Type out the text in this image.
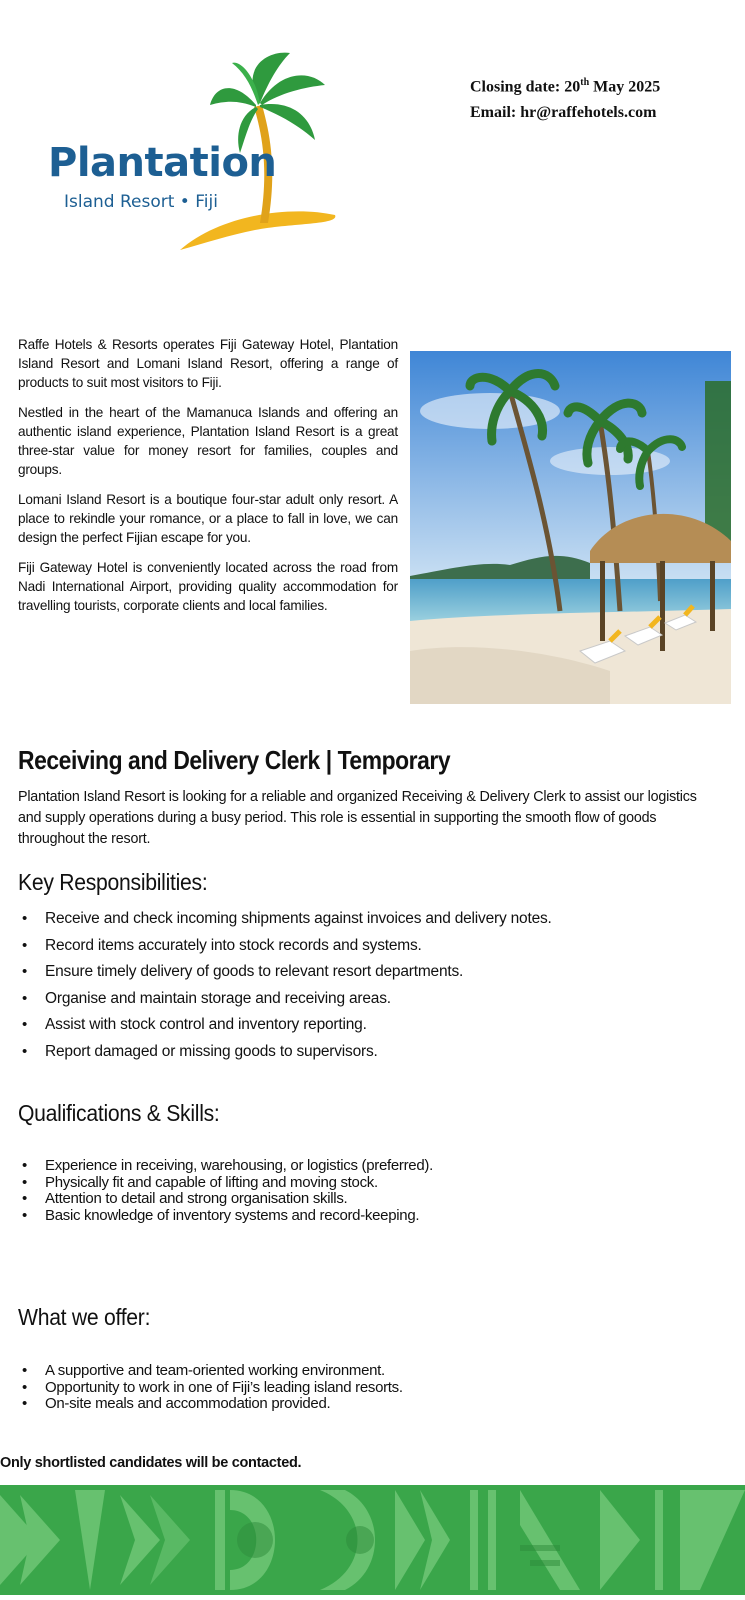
Plantation
Island Resort • Fiji
Closing date: 20th May 2025
Email: hr@raffehotels.com

Raffe Hotels & Resorts operates Fiji Gateway Hotel, Plantation Island Resort and Lomani Island Resort, offering a range of products to suit most visitors to Fiji.

Nestled in the heart of the Mamanuca Islands and offering an authentic island experience, Plantation Island Resort is a great three-star value for money resort for families, couples and groups.

Lomani Island Resort is a boutique four-star adult only resort. A place to rekindle your romance, or a place to fall in love, we can design the perfect Fijian escape for you.

Fiji Gateway Hotel is conveniently located across the road from Nadi International Airport, providing quality accommodation for travelling tourists, corporate clients and local families.

Receiving and Delivery Clerk | Temporary
Plantation Island Resort is looking for a reliable and organized Receiving & Delivery Clerk to assist our logistics and supply operations during a busy period. This role is essential in supporting the smooth flow of goods throughout the resort.
Key Responsibilities:
• Receive and check incoming shipments against invoices and delivery notes.
• Record items accurately into stock records and systems.
• Ensure timely delivery of goods to relevant resort departments.
• Organise and maintain storage and receiving areas.
• Assist with stock control and inventory reporting.
• Report damaged or missing goods to supervisors.
Qualifications & Skills:
• Experience in receiving, warehousing, or logistics (preferred).
• Physically fit and capable of lifting and moving stock.
• Attention to detail and strong organisation skills.
• Basic knowledge of inventory systems and record-keeping.
What we offer:
• A supportive and team-oriented working environment.
• Opportunity to work in one of Fiji’s leading island resorts.
• On-site meals and accommodation provided.
Only shortlisted candidates will be contacted.
